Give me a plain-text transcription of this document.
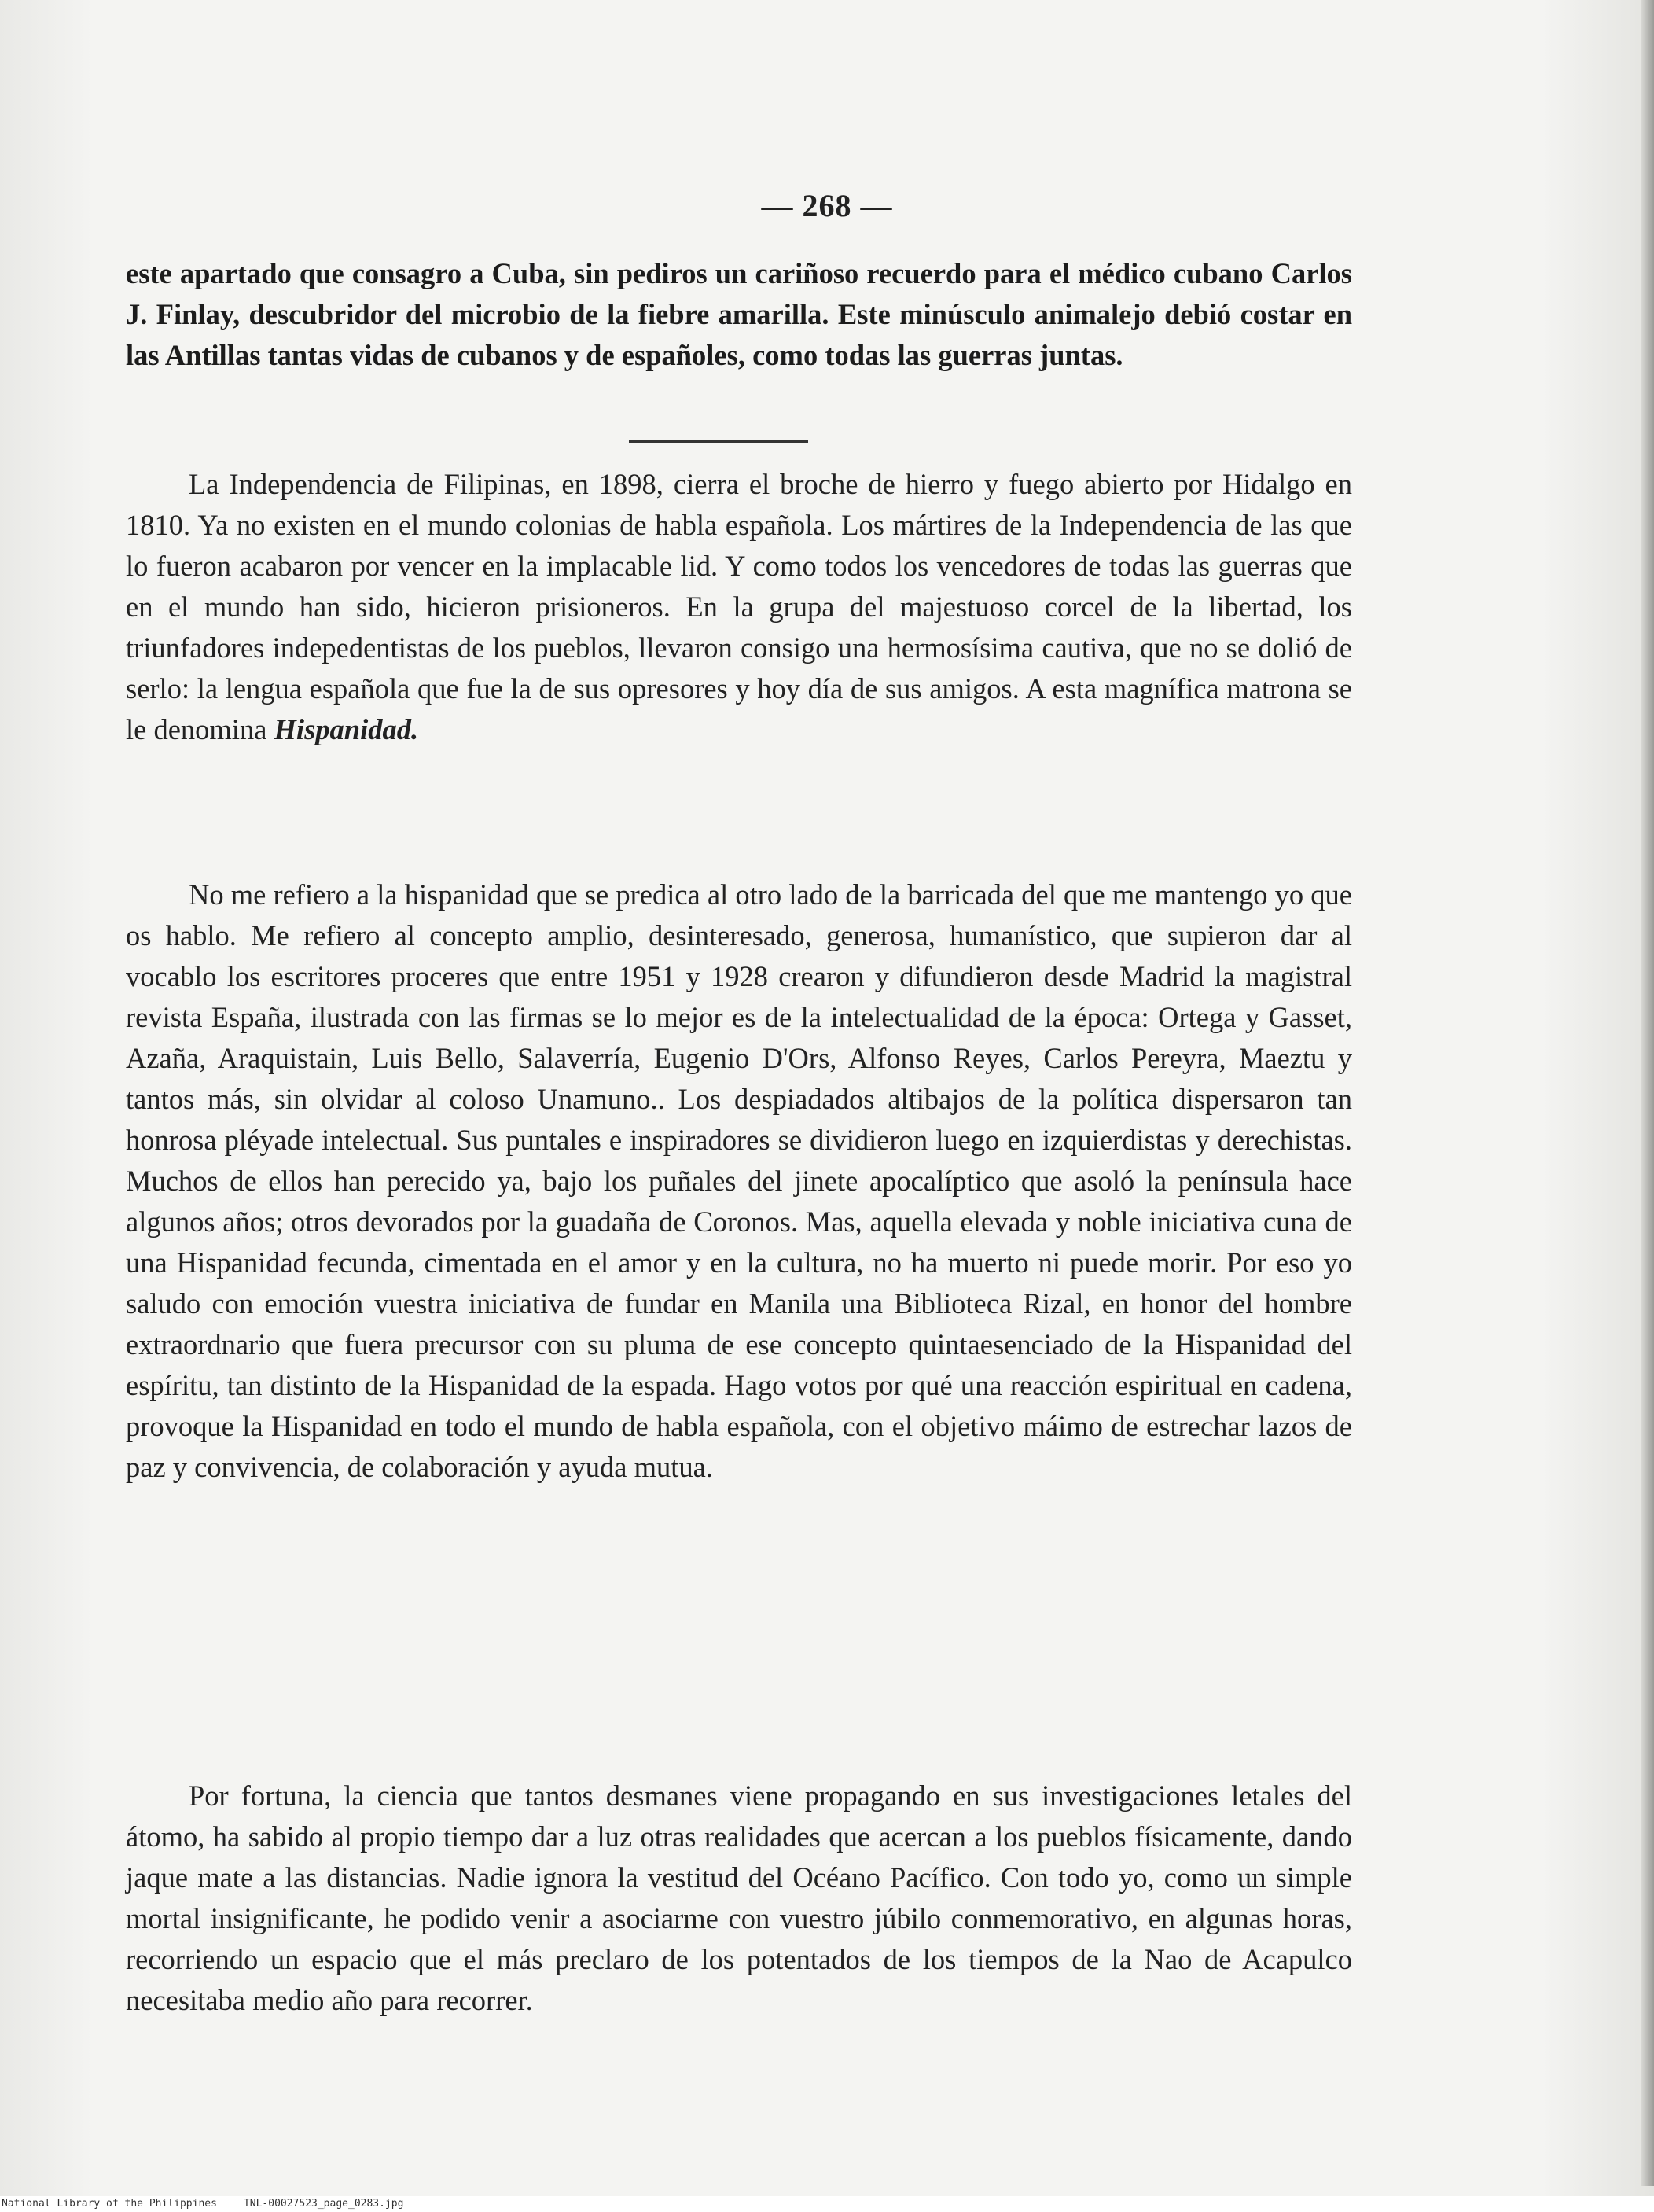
— 268 —

este apartado que consagro a Cuba, sin pediros un cariñoso recuerdo para el médico cubano Carlos J. Finlay, descubridor del microbio de la fiebre amarilla. Este minúsculo animalejo debió costar en las Antillas tantas vidas de cubanos y de españoles, como todas las guerras juntas.

La Independencia de Filipinas, en 1898, cierra el broche de hierro y fuego abierto por Hidalgo en 1810. Ya no existen en el mundo colonias de habla española. Los mártires de la Independencia de las que lo fueron acabaron por vencer en la implacable lid. Y como todos los vencedores de todas las guerras que en el mundo han sido, hicieron prisioneros. En la grupa del majestuoso corcel de la libertad, los triunfadores indepedentistas de los pueblos, llevaron consigo una hermosísima cautiva, que no se dolió de serlo: la lengua española que fue la de sus opresores y hoy día de sus amigos. A esta magnífica matrona se le denomina Hispanidad.

No me refiero a la hispanidad que se predica al otro lado de la barricada del que me mantengo yo que os hablo. Me refiero al concepto amplio, desinteresado, generosa, humanístico, que supieron dar al vocablo los escritores proceres que entre 1951 y 1928 crearon y difundieron desde Madrid la magistral revista España, ilustrada con las firmas se lo mejor es de la intelectualidad de la época: Ortega y Gasset, Azaña, Araquistain, Luis Bello, Salaverría, Eugenio D'Ors, Alfonso Reyes, Carlos Pereyra, Maeztu y tantos más, sin olvidar al coloso Unamuno.. Los despiadados altibajos de la política dispersaron tan honrosa pléyade intelectual. Sus puntales e inspiradores se dividieron luego en izquierdistas y derechistas. Muchos de ellos han perecido ya, bajo los puñales del jinete apocalíptico que asoló la península hace algunos años; otros devorados por la guadaña de Coronos. Mas, aquella elevada y noble iniciativa cuna de una Hispanidad fecunda, cimentada en el amor y en la cultura, no ha muerto ni puede morir. Por eso yo saludo con emoción vuestra iniciativa de fundar en Manila una Biblioteca Rizal, en honor del hombre extraordnario que fuera precursor con su pluma de ese concepto quintaesenciado de la Hispanidad del espíritu, tan distinto de la Hispanidad de la espada. Hago votos por qué una reacción espiritual en cadena, provoque la Hispanidad en todo el mundo de habla española, con el objetivo máimo de estrechar lazos de paz y convivencia, de colaboración y ayuda mutua.

Por fortuna, la ciencia que tantos desmanes viene propagando en sus investigaciones letales del átomo, ha sabido al propio tiempo dar a luz otras realidades que acercan a los pueblos físicamente, dando jaque mate a las distancias. Nadie ignora la vestitud del Océano Pacífico. Con todo yo, como un simple mortal insignificante, he podido venir a asociarme con vuestro júbilo conmemorativo, en algunas horas, recorriendo un espacio que el más preclaro de los potentados de los tiempos de la Nao de Acapulco necesitaba medio año para recorrer.

National Library of the Philippines	TNL-00027523_page_0283.jpg
